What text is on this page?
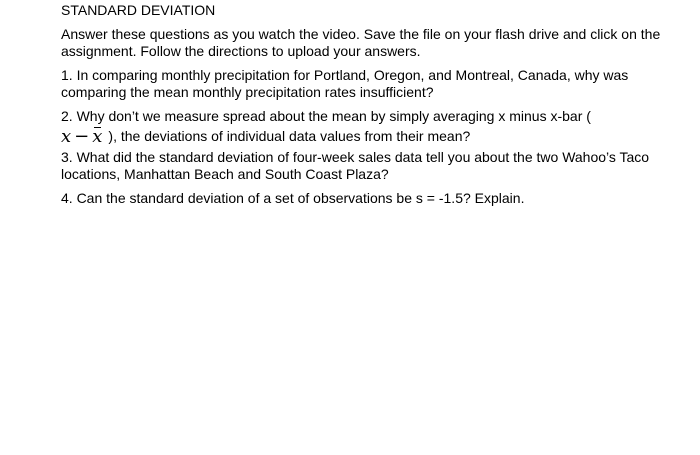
STANDARD DEVIATION
Answer these questions as you watch the video. Save the file on your flash drive and click on the assignment. Follow the directions to upload your answers.
1. In comparing monthly precipitation for Portland, Oregon, and Montreal, Canada, why was comparing the mean monthly precipitation rates insufficient?
2. Why don’t we measure spread about the mean by simply averaging x minus x-bar (
x − x ), the deviations of individual data values from their mean?
3. What did the standard deviation of four-week sales data tell you about the two Wahoo’s Taco locations, Manhattan Beach and South Coast Plaza?
4. Can the standard deviation of a set of observations be s = -1.5? Explain.
